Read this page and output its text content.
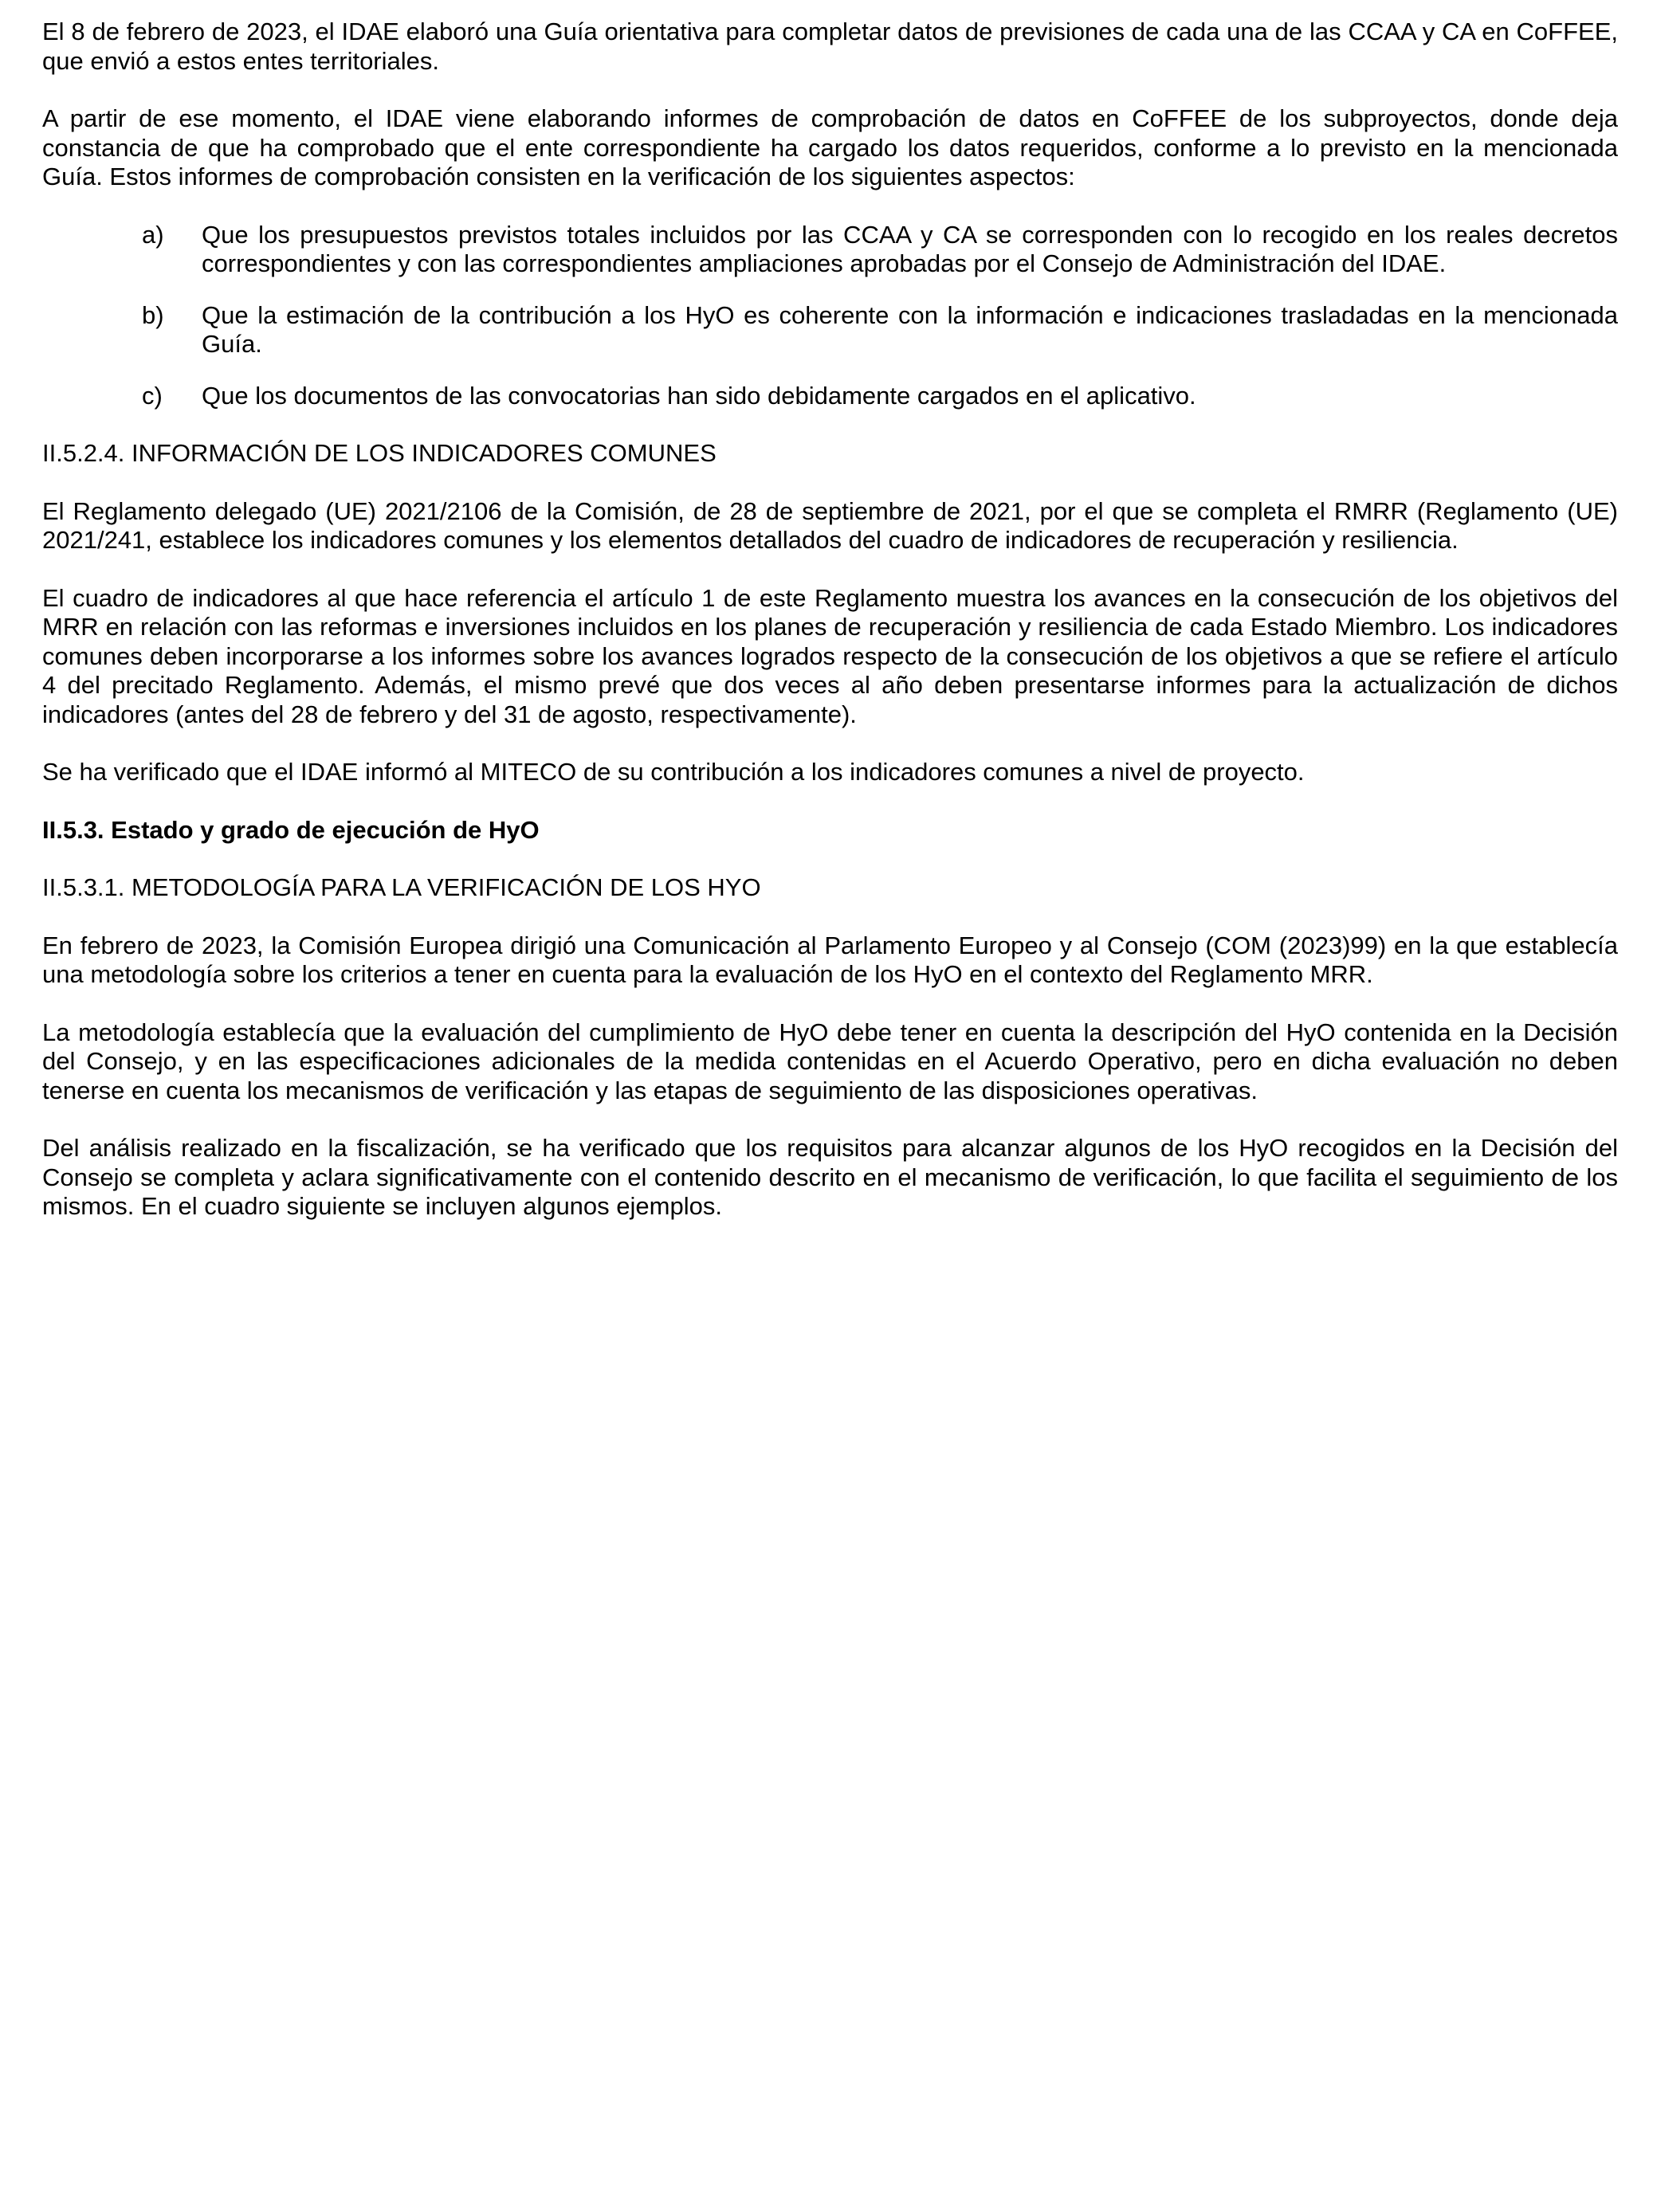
El 8 de febrero de 2023, el IDAE elaboró una Guía orientativa para completar datos de previsiones de cada una de las CCAA y CA en CoFFEE, que envió a estos entes territoriales.

A partir de ese momento, el IDAE viene elaborando informes de comprobación de datos en CoFFEE de los subproyectos, donde deja constancia de que ha comprobado que el ente correspondiente ha cargado los datos requeridos, conforme a lo previsto en la mencionada Guía. Estos informes de comprobación consisten en la verificación de los siguientes aspectos:

a)	Que los presupuestos previstos totales incluidos por las CCAA y CA se corresponden con lo recogido en los reales decretos correspondientes y con las correspondientes ampliaciones aprobadas por el Consejo de Administración del IDAE.
b)	Que la estimación de la contribución a los HyO es coherente con la información e indicaciones trasladadas en la mencionada Guía.
c)	Que los documentos de las convocatorias han sido debidamente cargados en el aplicativo.
II.5.2.4. INFORMACIÓN DE LOS INDICADORES COMUNES

El Reglamento delegado (UE) 2021/2106 de la Comisión, de 28 de septiembre de 2021, por el que se completa el RMRR (Reglamento (UE) 2021/241, establece los indicadores comunes y los elementos detallados del cuadro de indicadores de recuperación y resiliencia.

El cuadro de indicadores al que hace referencia el artículo 1 de este Reglamento muestra los avances en la consecución de los objetivos del MRR en relación con las reformas e inversiones incluidos en los planes de recuperación y resiliencia de cada Estado Miembro. Los indicadores comunes deben incorporarse a los informes sobre los avances logrados respecto de la consecución de los objetivos a que se refiere el artículo 4 del precitado Reglamento. Además, el mismo prevé que dos veces al año deben presentarse informes para la actualización de dichos indicadores (antes del 28 de febrero y del 31 de agosto, respectivamente).

Se ha verificado que el IDAE informó al MITECO de su contribución a los indicadores comunes a nivel de proyecto.

II.5.3. Estado y grado de ejecución de HyO
II.5.3.1. METODOLOGÍA PARA LA VERIFICACIÓN DE LOS HYO

En febrero de 2023, la Comisión Europea dirigió una Comunicación al Parlamento Europeo y al Consejo (COM (2023)99) en la que establecía una metodología sobre los criterios a tener en cuenta para la evaluación de los HyO en el contexto del Reglamento MRR.

La metodología establecía que la evaluación del cumplimiento de HyO debe tener en cuenta la descripción del HyO contenida en la Decisión del Consejo, y en las especificaciones adicionales de la medida contenidas en el Acuerdo Operativo, pero en dicha evaluación no deben tenerse en cuenta los mecanismos de verificación y las etapas de seguimiento de las disposiciones operativas.

Del análisis realizado en la fiscalización, se ha verificado que los requisitos para alcanzar algunos de los HyO recogidos en la Decisión del Consejo se completa y aclara significativamente con el contenido descrito en el mecanismo de verificación, lo que facilita el seguimiento de los mismos. En el cuadro siguiente se incluyen algunos ejemplos.
